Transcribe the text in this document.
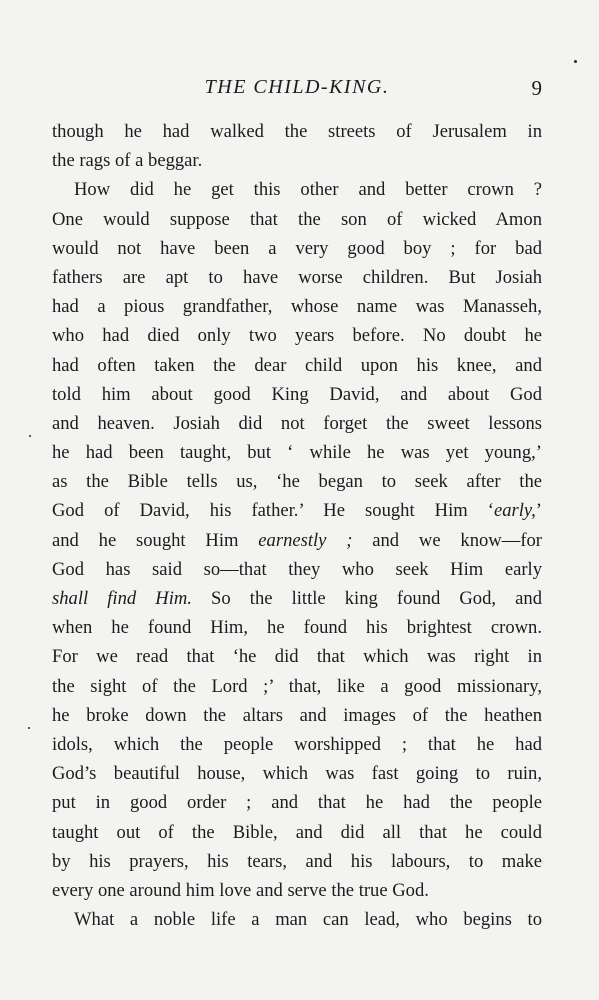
THE CHILD-KING.	9
though he had walked the streets of Jerusalem in
the rags of a beggar.
How did he get this other and better crown ?
One would suppose that the son of wicked Amon
would not have been a very good boy ; for bad
fathers are apt to have worse children. But Josiah
had a pious grandfather, whose name was Manasseh,
who had died only two years before. No doubt he
had often taken the dear child upon his knee, and
told him about good King David, and about God
and heaven. Josiah did not forget the sweet lessons
he had been taught, but ‘ while he was yet young,’
as the Bible tells us, ‘he began to seek after the
God of David, his father.’ He sought Him ‘early,’
and he sought Him earnestly ; and we know—for
God has said so—that they who seek Him early
shall find Him. So the little king found God, and
when he found Him, he found his brightest crown.
For we read that ‘he did that which was right in
the sight of the Lord ;’ that, like a good missionary,
he broke down the altars and images of the heathen
idols, which the people worshipped ; that he had
God’s beautiful house, which was fast going to ruin,
put in good order ; and that he had the people
taught out of the Bible, and did all that he could
by his prayers, his tears, and his labours, to make
every one around him love and serve the true God.
What a noble life a man can lead, who begins to
